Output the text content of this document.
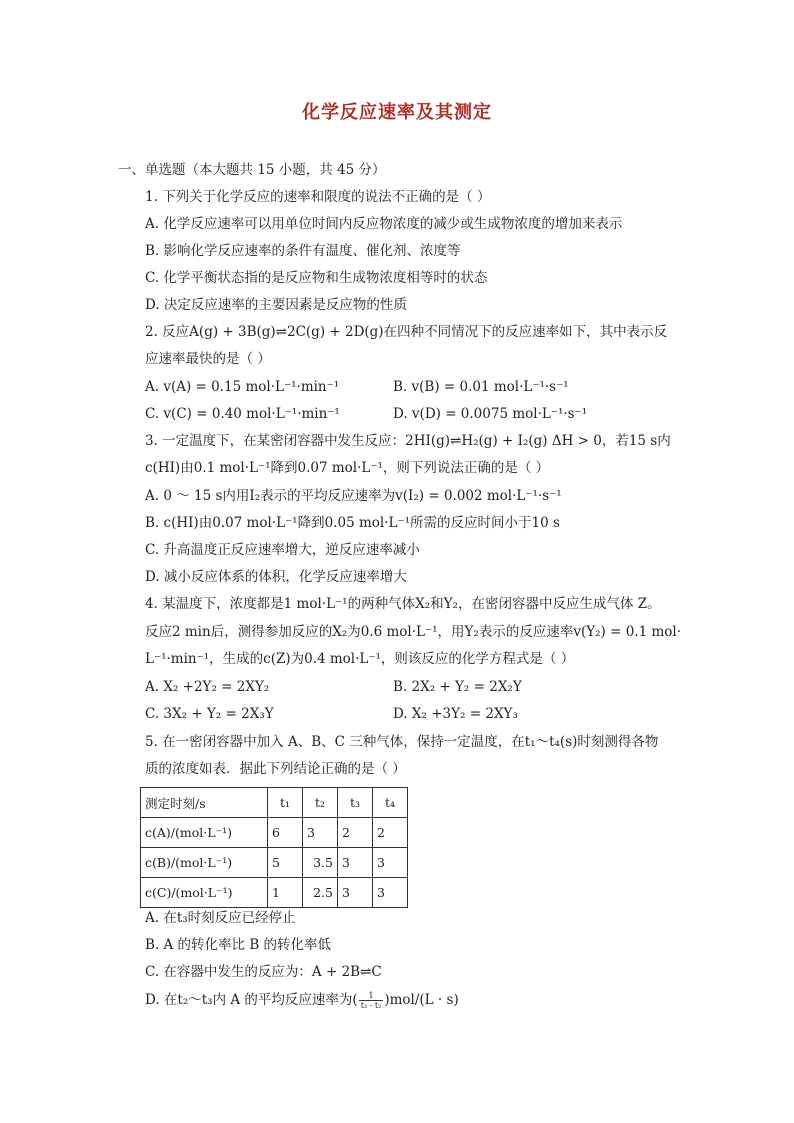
化学反应速率及其测定
一、单选题（本大题共 15 小题，共 45 分）
1. 下列关于化学反应的速率和限度的说法不正确的是（ ）
A. 化学反应速率可以用单位时间内反应物浓度的减少或生成物浓度的增加来表示
B. 影响化学反应速率的条件有温度、催化剂、浓度等
C. 化学平衡状态指的是反应物和生成物浓度相等时的状态
D. 决定反应速率的主要因素是反应物的性质
2. 反应A(g) + 3B(g)⇌2C(g) + 2D(g)在四种不同情况下的反应速率如下，其中表示反
应速率最快的是（ ）
A. v(A) = 0.15 mol·L⁻¹·min⁻¹	B. v(B) = 0.01 mol·L⁻¹·s⁻¹
C. v(C) = 0.40 mol·L⁻¹·min⁻¹	D. v(D) = 0.0075 mol·L⁻¹·s⁻¹
3. 一定温度下，在某密闭容器中发生反应：2HI(g)⇌H₂(g) + I₂(g) ΔH > 0，若15 s内
c(HI)由0.1 mol·L⁻¹降到0.07 mol·L⁻¹，则下列说法正确的是（ ）
A. 0 ～ 15 s内用I₂表示的平均反应速率为v(I₂) = 0.002 mol·L⁻¹·s⁻¹
B. c(HI)由0.07 mol·L⁻¹降到0.05 mol·L⁻¹所需的反应时间小于10 s
C. 升高温度正反应速率增大，逆反应速率减小
D. 减小反应体系的体积，化学反应速率增大
4. 某温度下，浓度都是1 mol·L⁻¹的两种气体X₂和Y₂，在密闭容器中反应生成气体 Z。
反应2 min后，测得参加反应的X₂为0.6 mol·L⁻¹，用Y₂表示的反应速率v(Y₂) = 0.1 mol·
L⁻¹·min⁻¹，生成的c(Z)为0.4 mol·L⁻¹，则该反应的化学方程式是（ ）
A. X₂ +2Y₂ = 2XY₂	B. 2X₂ + Y₂ = 2X₂Y
C. 3X₂ + Y₂ = 2X₃Y	D. X₂ +3Y₂ = 2XY₃
5. 在一密闭容器中加入 A、B、C 三种气体，保持一定温度，在t₁～t₄(s)时刻测得各物
质的浓度如表．据此下列结论正确的是（ ）
测定时刻/s	t₁	t₂	t₃	t₄
c(A)/(mol·L⁻¹)	6	3	2	2
c(B)/(mol·L⁻¹)	5	3.5	3	3
c(C)/(mol·L⁻¹)	1	2.5	3	3
A. 在t₃时刻反应已经停止
B. A 的转化率比 B 的转化率低
C. 在容器中发生的反应为：A + 2B⇌C
D. 在t₂～t₃内 A 的平均反应速率为( $\frac{1}{\text{t₃ - t₂}} )mol/(L \cdot s)$
